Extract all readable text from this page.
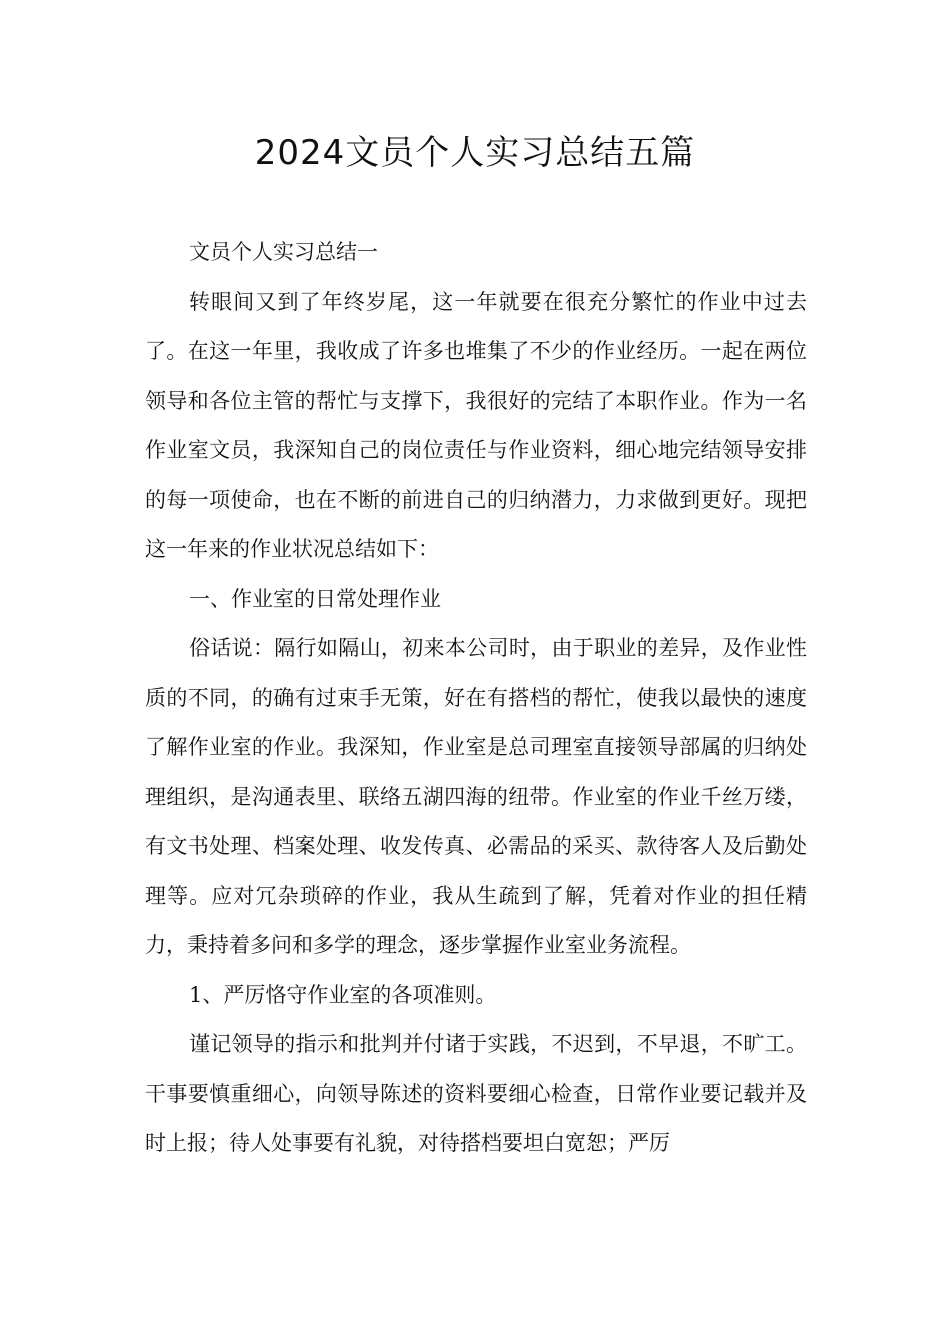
2024文员个人实习总结五篇

文员个人实习总结一

转眼间又到了年终岁尾，这一年就要在很充分繁忙的作业中过去了。在这一年里，我收成了许多也堆集了不少的作业经历。一起在两位领导和各位主管的帮忙与支撑下，我很好的完结了本职作业。作为一名作业室文员，我深知自己的岗位责任与作业资料，细心地完结领导安排的每一项使命，也在不断的前进自己的归纳潜力，力求做到更好。现把这一年来的作业状况总结如下：

一、作业室的日常处理作业

俗话说：隔行如隔山，初来本公司时，由于职业的差异，及作业性质的不同，的确有过束手无策，好在有搭档的帮忙，使我以最快的速度了解作业室的作业。我深知，作业室是总司理室直接领导部属的归纳处理组织，是沟通表里、联络五湖四海的纽带。作业室的作业千丝万缕，有文书处理、档案处理、收发传真、必需品的采买、款待客人及后勤处理等。应对冗杂琐碎的作业，我从生疏到了解，凭着对作业的担任精力，秉持着多问和多学的理念，逐步掌握作业室业务流程。

1、严厉恪守作业室的各项准则。

谨记领导的指示和批判并付诸于实践，不迟到，不早退，不旷工。干事要慎重细心，向领导陈述的资料要细心检查，日常作业要记载并及时上报；待人处事要有礼貌，对待搭档要坦白宽恕；严厉
